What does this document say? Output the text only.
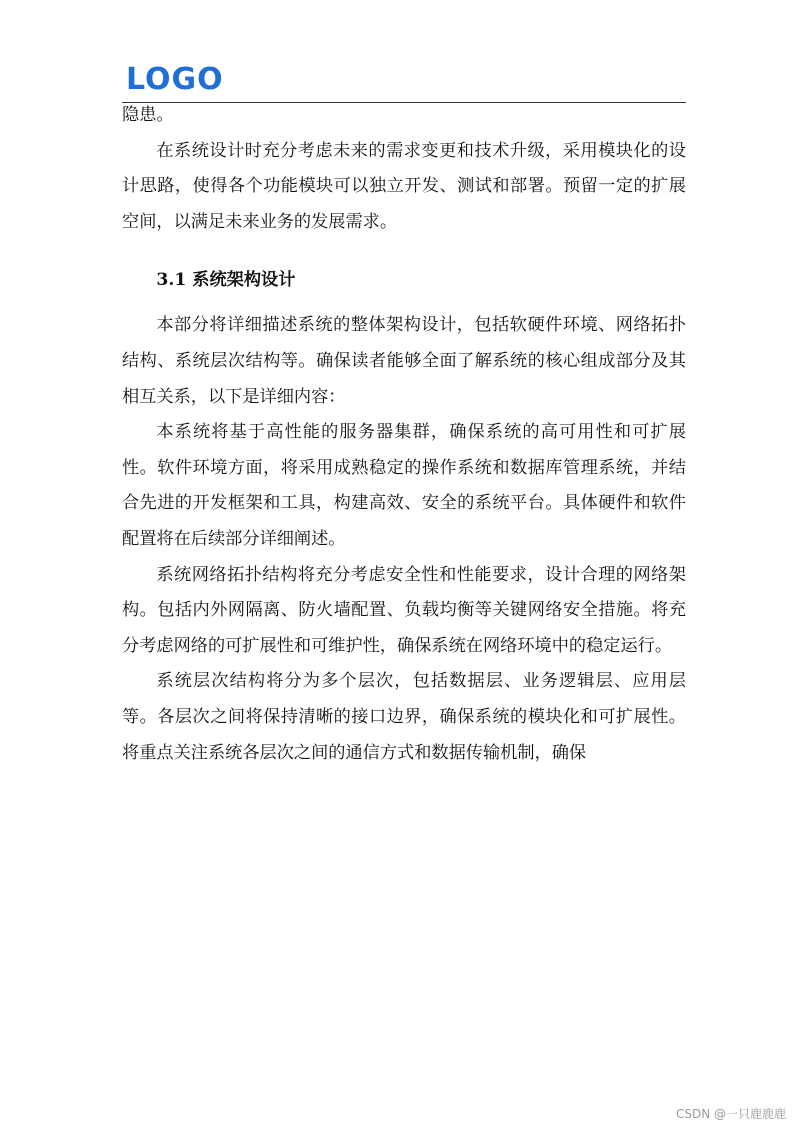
LOGO

隐患。

在系统设计时充分考虑未来的需求变更和技术升级，采用模块化的设计思路，使得各个功能模块可以独立开发、测试和部署。预留一定的扩展空间，以满足未来业务的发展需求。

3.1 系统架构设计

本部分将详细描述系统的整体架构设计，包括软硬件环境、网络拓扑结构、系统层次结构等。确保读者能够全面了解系统的核心组成部分及其相互关系，以下是详细内容：

本系统将基于高性能的服务器集群，确保系统的高可用性和可扩展性。软件环境方面，将采用成熟稳定的操作系统和数据库管理系统，并结合先进的开发框架和工具，构建高效、安全的系统平台。具体硬件和软件配置将在后续部分详细阐述。

系统网络拓扑结构将充分考虑安全性和性能要求，设计合理的网络架构。包括内外网隔离、防火墙配置、负载均衡等关键网络安全措施。将充分考虑网络的可扩展性和可维护性，确保系统在网络环境中的稳定运行。

系统层次结构将分为多个层次，包括数据层、业务逻辑层、应用层等。各层次之间将保持清晰的接口边界，确保系统的模块化和可扩展性。将重点关注系统各层次之间的通信方式和数据传输机制，确保

CSDN @一只鹿鹿鹿
